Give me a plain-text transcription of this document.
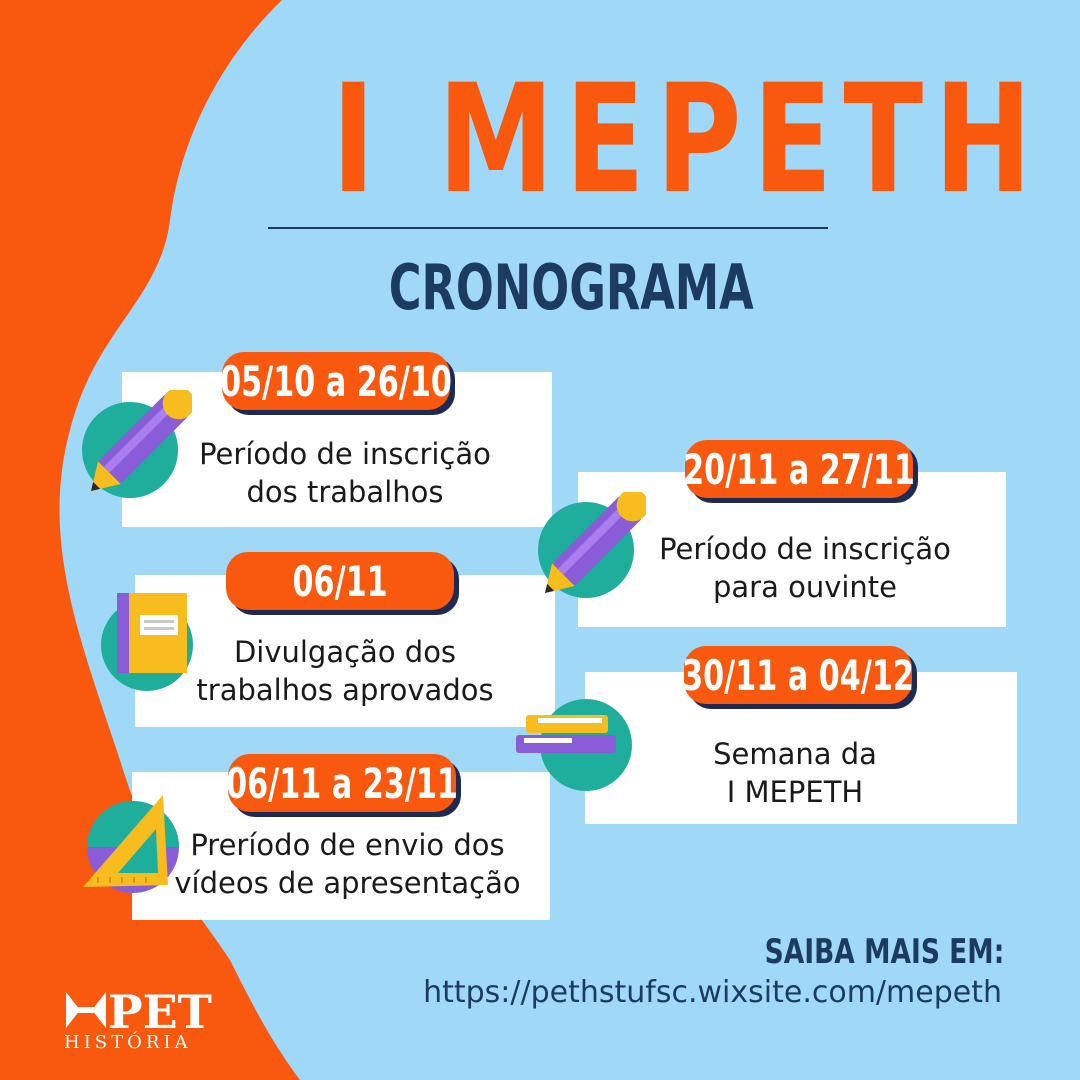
I MEPETH
CRONOGRAMA
05/10 a 26/10
Período de inscrição
dos trabalhos
06/11
Divulgação dos
trabalhos aprovados
06/11 a 23/11
Preríodo de envio dos
vídeos de apresentação
20/11 a 27/11
Período de inscrição
para ouvinte
30/11 a 04/12
Semana da
I MEPETH
SAIBA MAIS EM:
https://pethstufsc.wixsite.com/mepeth
PET
HISTÓRIA
